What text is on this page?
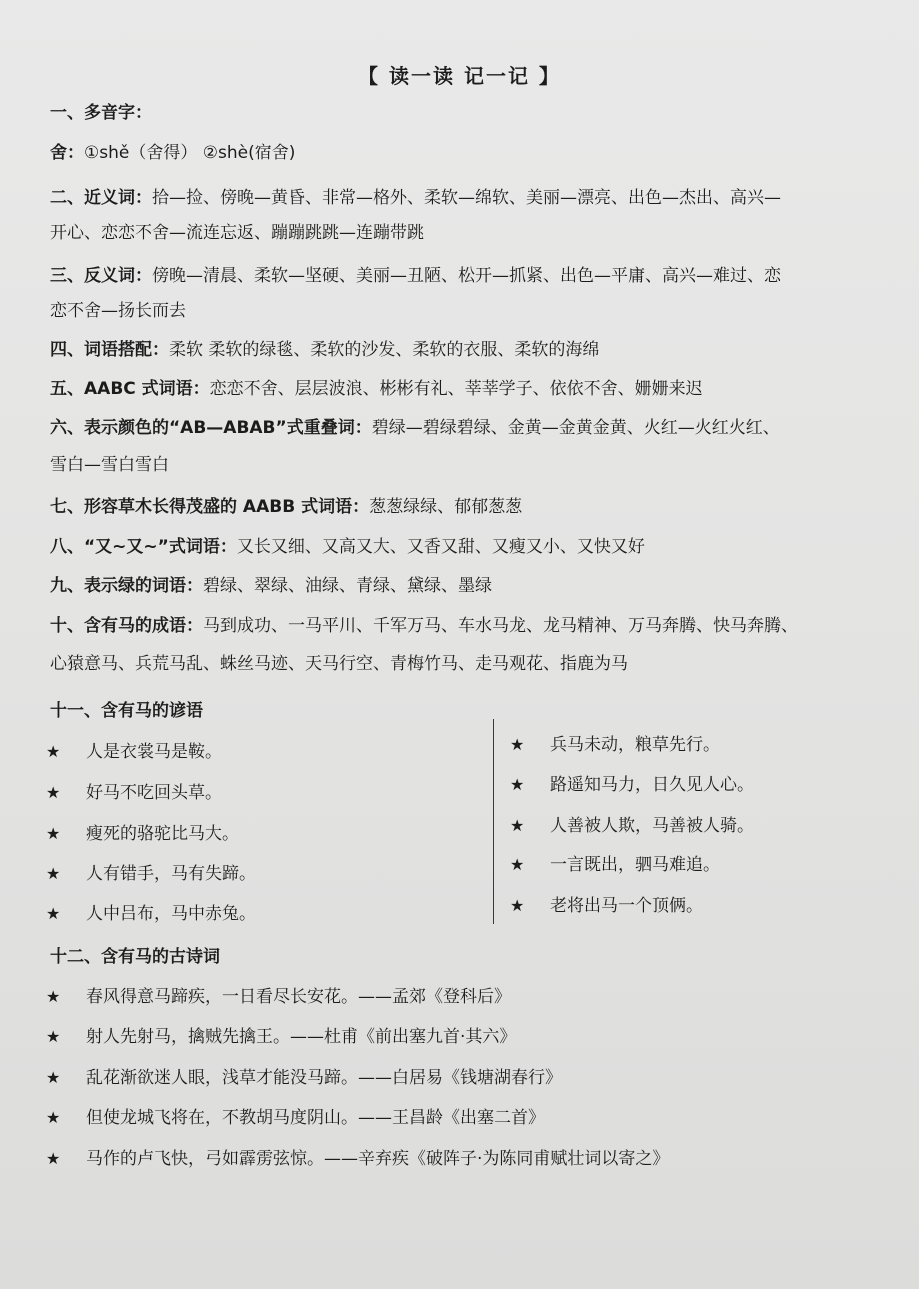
【 读一读 记一记 】
一、多音字：
舍：①shě（舍得） ②shè(宿舍)
二、近义词：拾—捡、傍晚—黄昏、非常—格外、柔软—绵软、美丽—漂亮、出色—杰出、高兴—
开心、恋恋不舍—流连忘返、蹦蹦跳跳—连蹦带跳
三、反义词：傍晚—清晨、柔软—坚硬、美丽—丑陋、松开—抓紧、出色—平庸、高兴—难过、恋
恋不舍—扬长而去
四、词语搭配：柔软 柔软的绿毯、柔软的沙发、柔软的衣服、柔软的海绵
五、AABC 式词语：恋恋不舍、层层波浪、彬彬有礼、莘莘学子、依依不舍、姗姗来迟
六、表示颜色的“AB—ABAB”式重叠词：碧绿—碧绿碧绿、金黄—金黄金黄、火红—火红火红、
雪白—雪白雪白
七、形容草木长得茂盛的 AABB 式词语：葱葱绿绿、郁郁葱葱
八、“又~又~”式词语：又长又细、又高又大、又香又甜、又瘦又小、又快又好
九、表示绿的词语：碧绿、翠绿、油绿、青绿、黛绿、墨绿
十、含有马的成语：马到成功、一马平川、千军万马、车水马龙、龙马精神、万马奔腾、快马奔腾、
心猿意马、兵荒马乱、蛛丝马迹、天马行空、青梅竹马、走马观花、指鹿为马
十一、含有马的谚语
★ 人是衣裳马是鞍。
★ 好马不吃回头草。
★ 瘦死的骆驼比马大。
★ 人有错手，马有失蹄。
★ 人中吕布，马中赤兔。
★ 兵马未动，粮草先行。
★ 路遥知马力，日久见人心。
★ 人善被人欺，马善被人骑。
★ 一言既出，驷马难追。
★ 老将出马一个顶俩。
十二、含有马的古诗词
★ 春风得意马蹄疾，一日看尽长安花。——孟郊《登科后》
★ 射人先射马，擒贼先擒王。——杜甫《前出塞九首·其六》
★ 乱花渐欲迷人眼，浅草才能没马蹄。——白居易《钱塘湖春行》
★ 但使龙城飞将在，不教胡马度阴山。——王昌龄《出塞二首》
★ 马作的卢飞快，弓如霹雳弦惊。——辛弃疾《破阵子·为陈同甫赋壮词以寄之》
